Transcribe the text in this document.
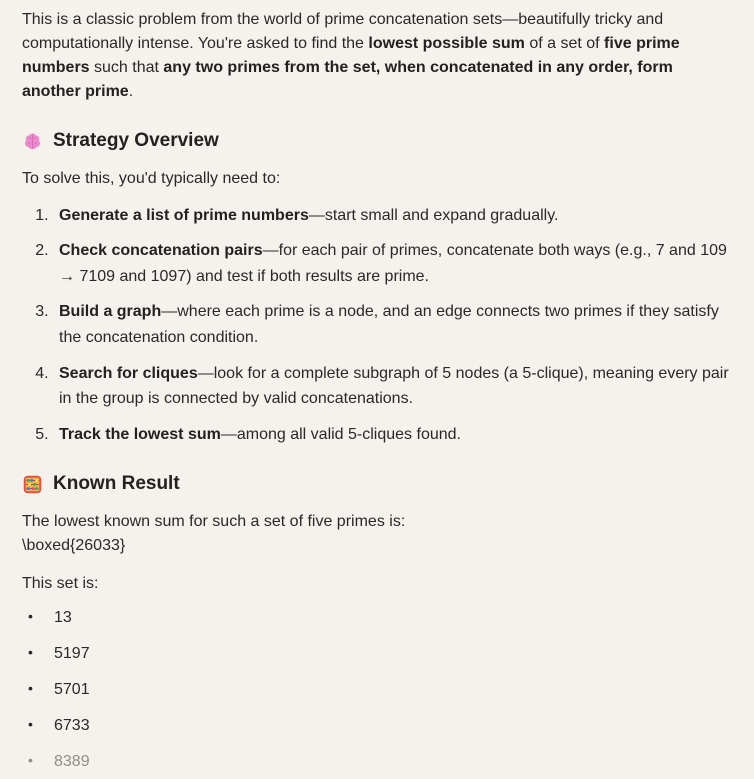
This is a classic problem from the world of prime concatenation sets—beautifully tricky and computationally intense. You're asked to find the lowest possible sum of a set of five prime numbers such that any two primes from the set, when concatenated in any order, form another prime.

Strategy Overview

To solve this, you'd typically need to:

1. Generate a list of prime numbers—start small and expand gradually.
2. Check concatenation pairs—for each pair of primes, concatenate both ways (e.g., 7 and 109 → 7109 and 1097) and test if both results are prime.
3. Build a graph—where each prime is a node, and an edge connects two primes if they satisfy the concatenation condition.
4. Search for cliques—look for a complete subgraph of 5 nodes (a 5-clique), meaning every pair in the group is connected by valid concatenations.
5. Track the lowest sum—among all valid 5-cliques found.
Known Result

The lowest known sum for such a set of five primes is:
\boxed{26033}

This set is:

• 13
• 5197
• 5701
• 6733
• 8389
